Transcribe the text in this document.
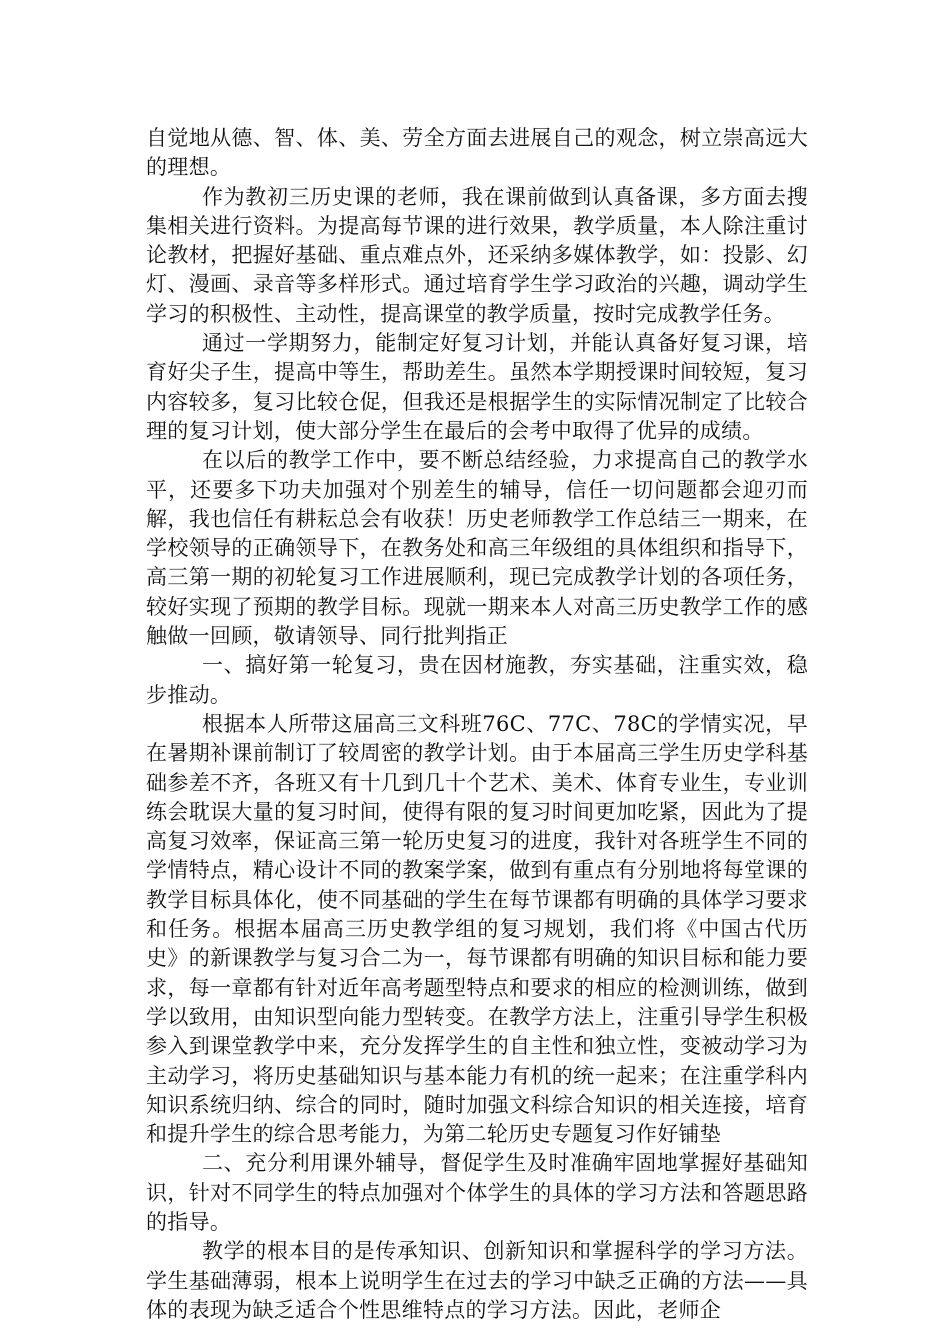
自觉地从德、智、体、美、劳全方面去进展自己的观念，树立崇高远大的理想。

作为教初三历史课的老师，我在课前做到认真备课，多方面去搜集相关进行资料。为提高每节课的进行效果，教学质量，本人除注重讨论教材，把握好基础、重点难点外，还采纳多媒体教学，如：投影、幻灯、漫画、录音等多样形式。通过培育学生学习政治的兴趣，调动学生学习的积极性、主动性，提高课堂的教学质量，按时完成教学任务。

通过一学期努力，能制定好复习计划，并能认真备好复习课，培育好尖子生，提高中等生，帮助差生。虽然本学期授课时间较短，复习内容较多，复习比较仓促，但我还是根据学生的实际情况制定了比较合理的复习计划，使大部分学生在最后的会考中取得了优异的成绩。

在以后的教学工作中，要不断总结经验，力求提高自己的教学水平，还要多下功夫加强对个别差生的辅导，信任一切问题都会迎刃而解，我也信任有耕耘总会有收获！历史老师教学工作总结三一期来，在学校领导的正确领导下，在教务处和高三年级组的具体组织和指导下，高三第一期的初轮复习工作进展顺利，现已完成教学计划的各项任务，较好实现了预期的教学目标。现就一期来本人对高三历史教学工作的感触做一回顾，敬请领导、同行批判指正

一、搞好第一轮复习，贵在因材施教，夯实基础，注重实效，稳步推动。

根据本人所带这届高三文科班76C、77C、78C的学情实况，早在暑期补课前制订了较周密的教学计划。由于本届高三学生历史学科基础参差不齐，各班又有十几到几十个艺术、美术、体育专业生，专业训练会耽误大量的复习时间，使得有限的复习时间更加吃紧，因此为了提高复习效率，保证高三第一轮历史复习的进度，我针对各班学生不同的学情特点，精心设计不同的教案学案，做到有重点有分别地将每堂课的教学目标具体化，使不同基础的学生在每节课都有明确的具体学习要求和任务。根据本届高三历史教学组的复习规划，我们将《中国古代历史》的新课教学与复习合二为一，每节课都有明确的知识目标和能力要求，每一章都有针对近年高考题型特点和要求的相应的检测训练，做到学以致用，由知识型向能力型转变。在教学方法上，注重引导学生积极参入到课堂教学中来，充分发挥学生的自主性和独立性，变被动学习为主动学习，将历史基础知识与基本能力有机的统一起来；在注重学科内知识系统归纳、综合的同时，随时加强文科综合知识的相关连接，培育和提升学生的综合思考能力，为第二轮历史专题复习作好铺垫

二、充分利用课外辅导，督促学生及时准确牢固地掌握好基础知识，针对不同学生的特点加强对个体学生的具体的学习方法和答题思路的指导。

教学的根本目的是传承知识、创新知识和掌握科学的学习方法。学生基础薄弱，根本上说明学生在过去的学习中缺乏正确的方法——具体的表现为缺乏适合个性思维特点的学习方法。因此，老师企
